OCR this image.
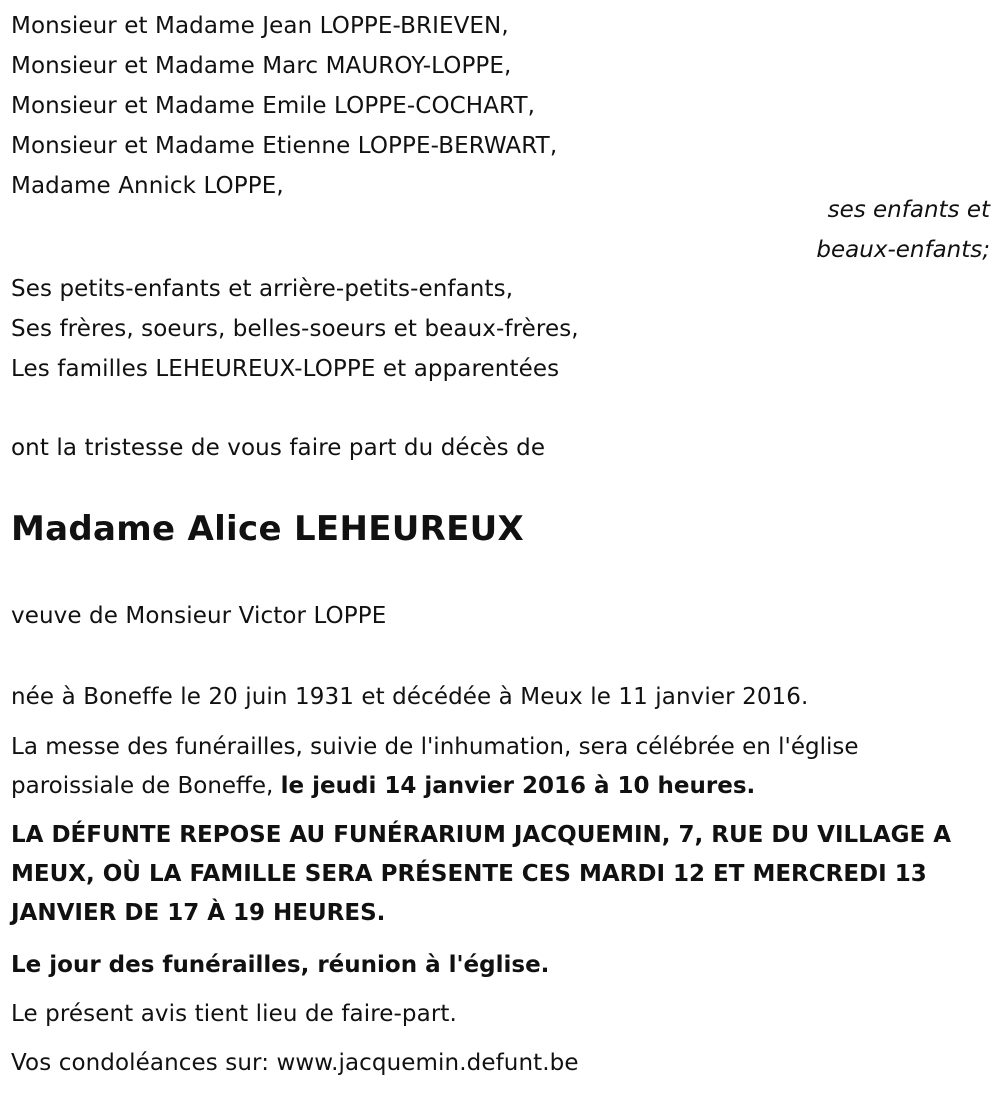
Monsieur et Madame Jean LOPPE-BRIEVEN,
Monsieur et Madame Marc MAUROY-LOPPE,
Monsieur et Madame Emile LOPPE-COCHART,
Monsieur et Madame Etienne LOPPE-BERWART,
Madame Annick LOPPE,
ses enfants et
beaux-enfants;
Ses petits-enfants et arrière-petits-enfants,
Ses frères, soeurs, belles-soeurs et beaux-frères,
Les familles LEHEUREUX-LOPPE et apparentées
ont la tristesse de vous faire part du décès de
Madame Alice LEHEUREUX
veuve de Monsieur Victor LOPPE
née à Boneffe le 20 juin 1931 et décédée à Meux le 11 janvier 2016.
La messe des funérailles, suivie de l'inhumation, sera célébrée en l'église paroissiale de Boneffe, le jeudi 14 janvier 2016 à 10 heures.
LA DÉFUNTE REPOSE AU FUNÉRARIUM JACQUEMIN, 7, RUE DU VILLAGE A MEUX, OÙ LA FAMILLE SERA PRÉSENTE CES MARDI 12 ET MERCREDI 13 JANVIER DE 17 À 19 HEURES.
Le jour des funérailles, réunion à l'église.
Le présent avis tient lieu de faire-part.
Vos condoléances sur: www.jacquemin.defunt.be
